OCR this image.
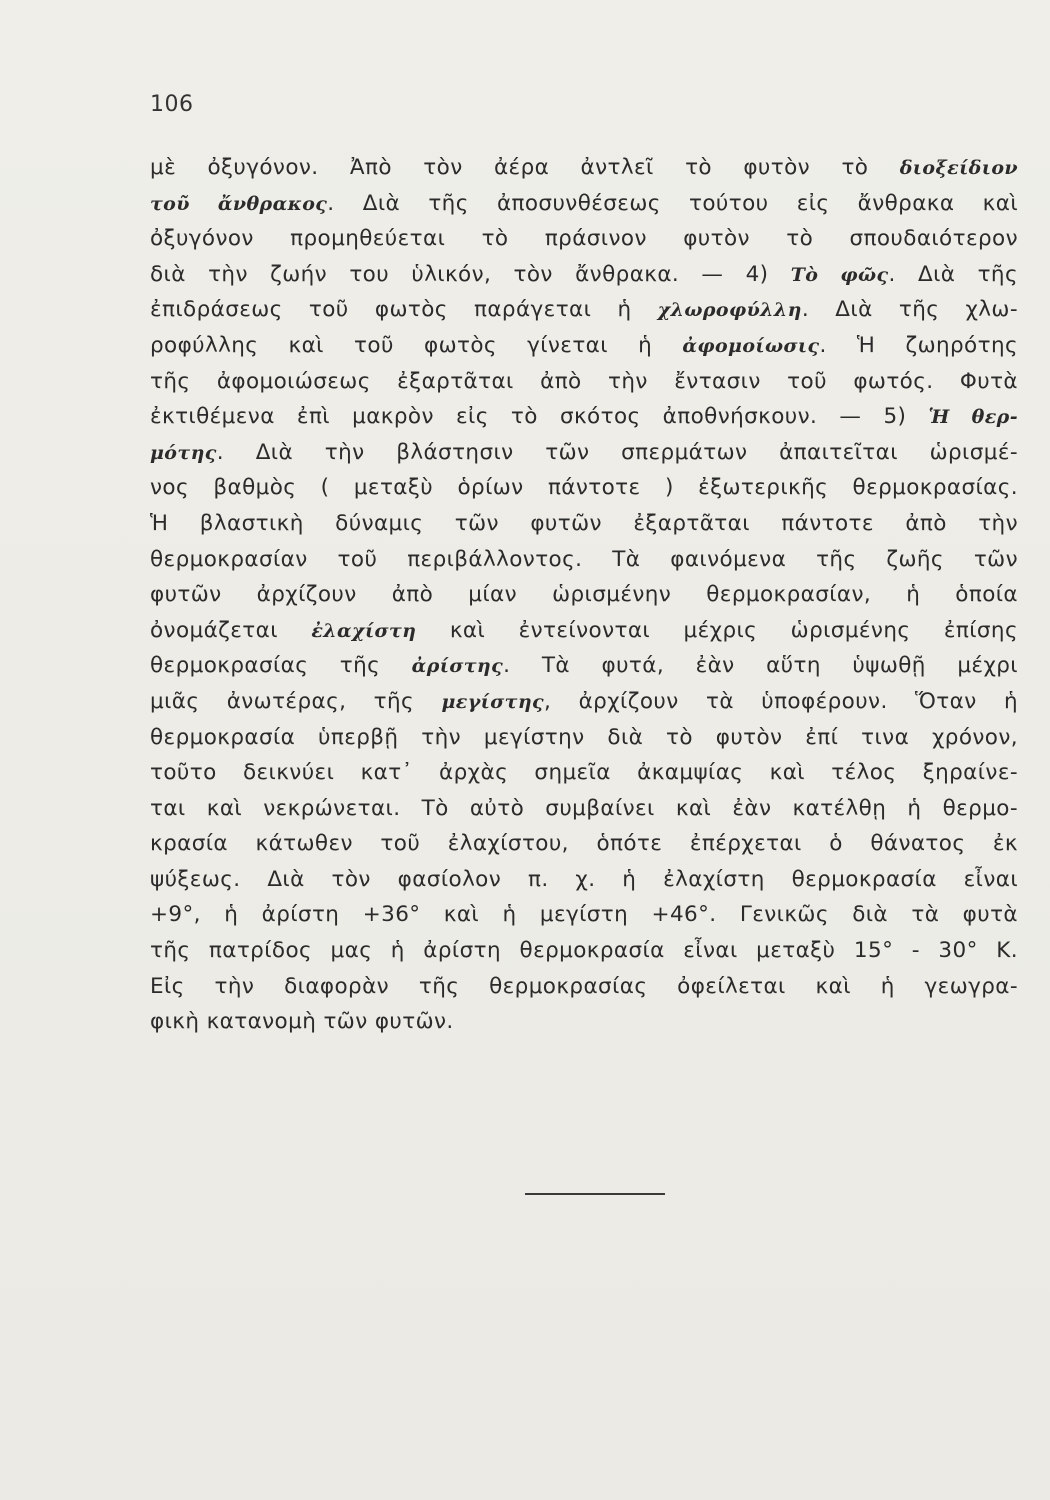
106
μὲ ὀξυγόνον. Ἀπὸ τὸν ἀέρα ἀντλεῖ τὸ φυτὸν τὸ διοξείδιον
τοῦ ἄνθρακος. Διὰ τῆς ἀποσυνθέσεως τούτου εἰς ἄνθρακα καὶ
ὀξυγόνον προμηθεύεται τὸ πράσινον φυτὸν τὸ σπουδαιότερον
διὰ τὴν ζωήν του ὑλικόν, τὸν ἄνθρακα. — 4) Τὸ φῶς. Διὰ τῆς
ἐπιδράσεως τοῦ φωτὸς παράγεται ἡ χλωροφύλλη. Διὰ τῆς χλω-
ροφύλλης καὶ τοῦ φωτὸς γίνεται ἡ ἀφομοίωσις. Ἡ ζωηρότης
τῆς ἀφομοιώσεως ἐξαρτᾶται ἀπὸ τὴν ἔντασιν τοῦ φωτός. Φυτὰ
ἐκτιθέμενα ἐπὶ μακρὸν εἰς τὸ σκότος ἀποθνήσκουν. — 5) Ἡ θερ-
μότης. Διὰ τὴν βλάστησιν τῶν σπερμάτων ἀπαιτεῖται ὡρισμέ-
νος βαθμὸς ( μεταξὺ ὁρίων πάντοτε ) ἐξωτερικῆς θερμοκρασίας.
Ἡ βλαστικὴ δύναμις τῶν φυτῶν ἐξαρτᾶται πάντοτε ἀπὸ τὴν
θερμοκρασίαν τοῦ περιβάλλοντος. Τὰ φαινόμενα τῆς ζωῆς τῶν
φυτῶν ἀρχίζουν ἀπὸ μίαν ὡρισμένην θερμοκρασίαν, ἡ ὁποία
ὀνομάζεται ἐλαχίστη καὶ ἐντείνονται μέχρις ὡρισμένης ἐπίσης
θερμοκρασίας τῆς ἀρίστης. Τὰ φυτά, ἐὰν αὕτη ὑψωθῇ μέχρι
μιᾶς ἀνωτέρας, τῆς μεγίστης, ἀρχίζουν τὰ ὑποφέρουν. Ὅταν ἡ
θερμοκρασία ὑπερβῇ τὴν μεγίστην διὰ τὸ φυτὸν ἐπί τινα χρόνον,
τοῦτο δεικνύει κατ᾽ ἀρχὰς σημεῖα ἀκαμψίας καὶ τέλος ξηραίνε-
ται καὶ νεκρώνεται. Τὸ αὐτὸ συμβαίνει καὶ ἐὰν κατέλθῃ ἡ θερμο-
κρασία κάτωθεν τοῦ ἐλαχίστου, ὁπότε ἐπέρχεται ὁ θάνατος ἐκ
ψύξεως. Διὰ τὸν φασίολον π. χ. ἡ ἐλαχίστη θερμοκρασία εἶναι
+9°, ἡ ἀρίστη +36° καὶ ἡ μεγίστη +46°. Γενικῶς διὰ τὰ φυτὰ
τῆς πατρίδος μας ἡ ἀρίστη θερμοκρασία εἶναι μεταξὺ 15° - 30° Κ.
Εἰς τὴν διαφορὰν τῆς θερμοκρασίας ὀφείλεται καὶ ἡ γεωγρα-
φικὴ κατανομὴ τῶν φυτῶν.
